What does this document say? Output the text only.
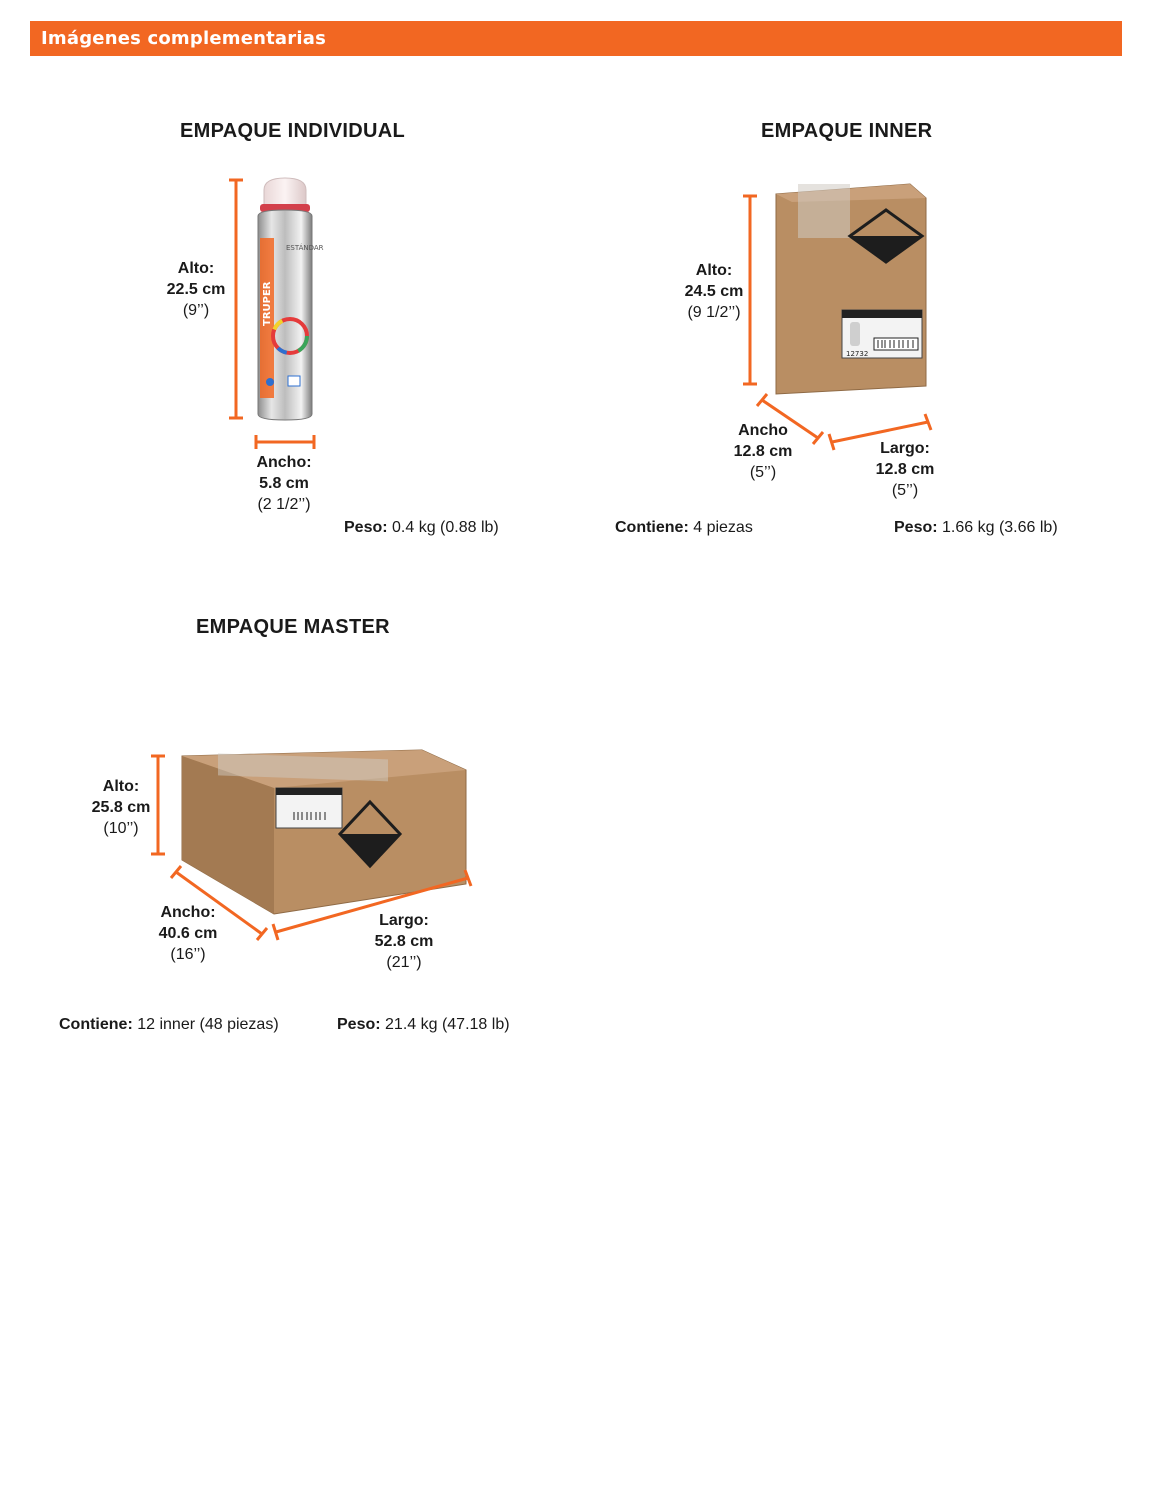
Imágenes complementarias
EMPAQUE INDIVIDUAL
Alto:
22.5 cm
(9’’)
ESTÁNDAR
TRUPER
Ancho:
5.8 cm
(2 1/2’’)
Peso: 0.4 kg (0.88 lb)
EMPAQUE INNER
Alto:
24.5 cm
(9 1/2’’)
12732
Ancho
12.8 cm
(5’’)
Largo:
12.8 cm
(5’’)
Contiene: 4 piezas	Peso: 1.66 kg (3.66 lb)
EMPAQUE MASTER
Alto:
25.8 cm
(10’’)
Ancho:
40.6 cm
(16’’)
Largo:
52.8 cm
(21’’)
Contiene: 12 inner (48 piezas)	Peso: 21.4 kg (47.18 lb)
